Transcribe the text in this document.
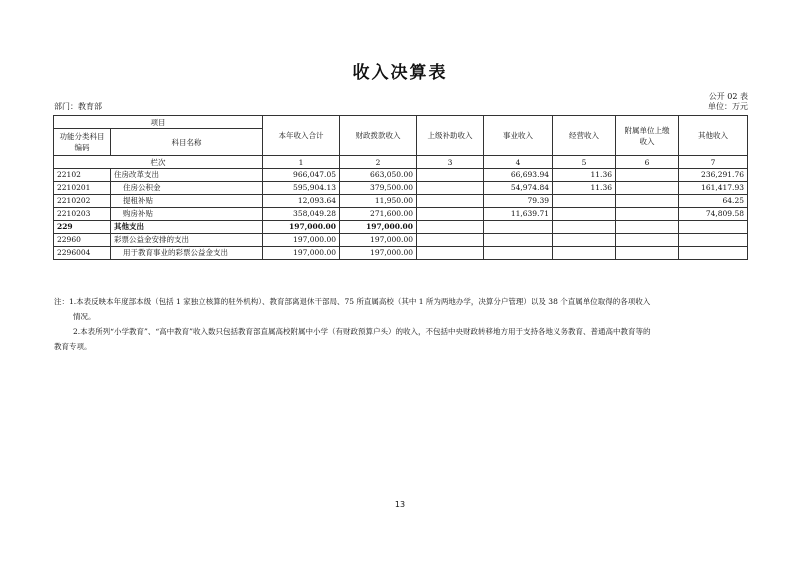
收入决算表
公开 02 表
部门：教育部	单位：万元
项目		本年收入合计	财政拨款收入	上级补助收入	事业收入	经营收入	附属单位上缴收入	其他收入
功能分类科目编码	科目名称							
栏次		1	2	3	4	5	6	7
22102	住房改革支出	966,047.05	663,050.00		66,693.94	11.36		236,291.76
2210201	住房公积金	595,904.13	379,500.00		54,974.84	11.36		161,417.93
2210202	提租补贴	12,093.64	11,950.00		79.39			64.25
2210203	购房补贴	358,049.28	271,600.00		11,639.71			74,809.58
229	其他支出	197,000.00	197,000.00					
22960	彩票公益金安排的支出	197,000.00	197,000.00					
2296004	用于教育事业的彩票公益金支出	197,000.00	197,000.00					

注：1.本表反映本年度部本级（包括 1 家独立核算的驻外机构）、教育部离退休干部局、75 所直属高校（其中 1 所为两地办学，决算分户管理）以及 38 个直属单位取得的各项收入

情况。

2.本表所列“小学教育”、“高中教育”收入数只包括教育部直属高校附属中小学（有财政预算户头）的收入，不包括中央财政转移地方用于支持各地义务教育、普通高中教育等的

教育专项。

13
